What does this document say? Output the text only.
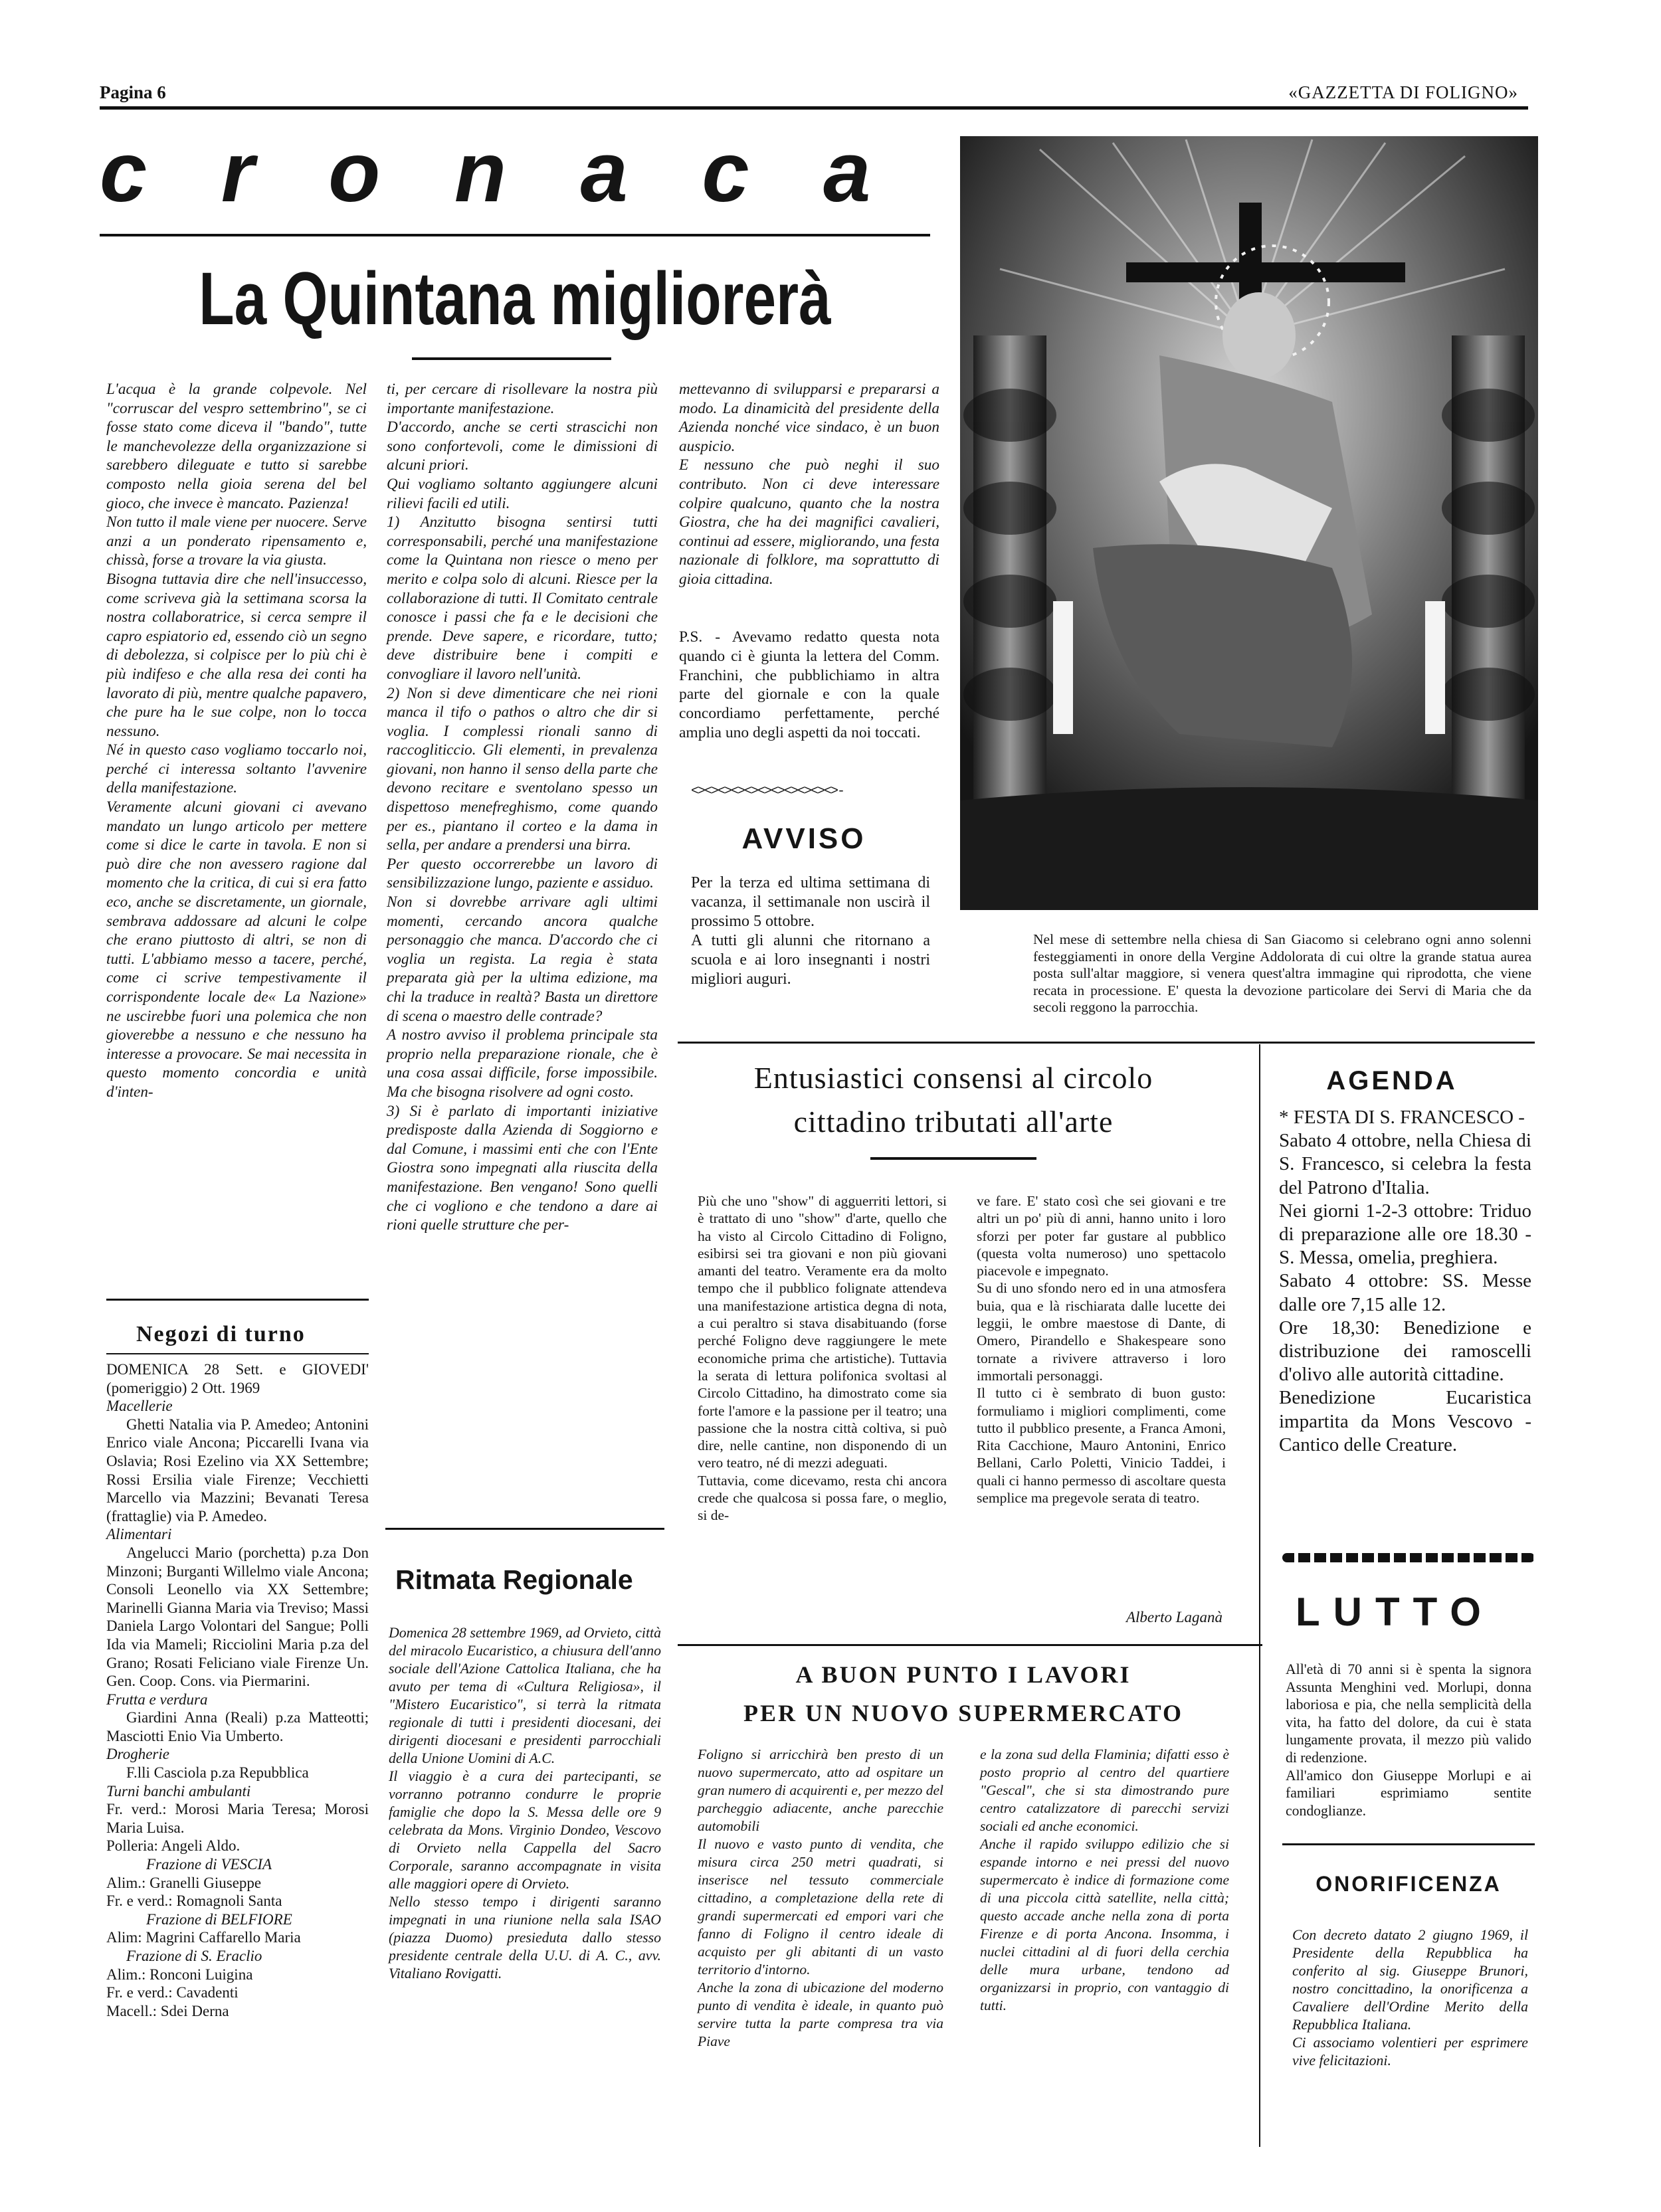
Pagina 6	«GAZZETTA DI FOLIGNO»
c r o n a c a
La Quintana migliorerà
L'acqua è la grande colpevole. Nel "corruscar del vespro settembrino", se ci fosse stato come diceva il "bando", tutte le manchevolezze della organizzazione si sarebbero dileguate e tutto si sarebbe composto nella gioia serena del bel gioco, che invece è mancato. Pazienza!
Non tutto il male viene per nuocere. Serve anzi a un ponderato ripensamento e, chissà, forse a trovare la via giusta.
Bisogna tuttavia dire che nell'insuccesso, come scriveva già la settimana scorsa la nostra collaboratrice, si cerca sempre il capro espiatorio ed, essendo ciò un segno di debolezza, si colpisce per lo più chi è più indifeso e che alla resa dei conti ha lavorato di più, mentre qualche papavero, che pure ha le sue colpe, non lo tocca nessuno.
Né in questo caso vogliamo toccarlo noi, perché ci interessa soltanto l'avvenire della manifestazione.
Veramente alcuni giovani ci avevano mandato un lungo articolo per mettere come si dice le carte in tavola. E non si può dire che non avessero ragione dal momento che la critica, di cui si era fatto eco, anche se discretamente, un giornale, sembrava addossare ad alcuni le colpe che erano piuttosto di altri, se non di tutti. L'abbiamo messo a tacere, perché, come ci scrive tempestivamente il corrispondente locale de« La Nazione» ne uscirebbe fuori una polemica che non gioverebbe a nessuno e che nessuno ha interesse a provocare. Se mai necessita in questo momento concordia e unità d'inten-
ti, per cercare di risollevare la nostra più importante manifestazione.
D'accordo, anche se certi strascichi non sono confortevoli, come le dimissioni di alcuni priori.
Qui vogliamo soltanto aggiungere alcuni rilievi facili ed utili.
1) Anzitutto bisogna sentirsi tutti corresponsabili, perché una manifestazione come la Quintana non riesce o meno per merito e colpa solo di alcuni. Riesce per la collaborazione di tutti. Il Comitato centrale conosce i passi che fa e le decisioni che prende. Deve sapere, e ricordare, tutto; deve distribuire bene i compiti e convogliare il lavoro nell'unità.
2) Non si deve dimenticare che nei rioni manca il tifo o pathos o altro che dir si voglia. I complessi rionali sanno di raccogliticcio. Gli elementi, in prevalenza giovani, non hanno il senso della parte che devono recitare e sventolano spesso un dispettoso menefreghismo, come quando per es., piantano il corteo e la dama in sella, per andare a prendersi una birra.
Per questo occorrerebbe un lavoro di sensibilizzazione lungo, paziente e assiduo.
Non si dovrebbe arrivare agli ultimi momenti, cercando ancora qualche personaggio che manca. D'accordo che ci voglia un regista. La regia è stata preparata già per la ultima edizione, ma chi la traduce in realtà? Basta un direttore di scena o maestro delle contrade?
A nostro avviso il problema principale sta proprio nella preparazione rionale, che è una cosa assai difficile, forse impossibile. Ma che bisogna risolvere ad ogni costo.
3) Si è parlato di importanti iniziative predisposte dalla Azienda di Soggiorno e dal Comune, i massimi enti che con l'Ente Giostra sono impegnati alla riuscita della manifestazione. Ben vengano! Sono quelli che ci vogliono e che tendono a dare ai rioni quelle strutture che per-
mettevanno di svilupparsi e prepararsi a modo. La dinamicità del presidente della Azienda nonché vice sindaco, è un buon auspicio.
E nessuno che può neghi il suo contributo. Non ci deve interessare colpire qualcuno, quanto che la nostra Giostra, che ha dei magnifici cavalieri, continui ad essere, migliorando, una festa nazionale di folklore, ma soprattutto di gioia cittadina.
P.S. - Avevamo redatto questa nota quando ci è giunta la lettera del Comm. Franchini, che pubblichiamo in altra parte del giornale e con la quale concordiamo perfettamente, perché amplia uno degli aspetti da noi toccati.
<><><><><><><><><><><>-
AVVISO
Per la terza ed ultima settimana di vacanza, il settimanale non uscirà il prossimo 5 ottobre.
A tutti gli alunni che ritornano a scuola e ai loro insegnanti i nostri migliori auguri.
Nel mese di settembre nella chiesa di San Giacomo si celebrano ogni anno solenni festeggiamenti in onore della Vergine Addolorata di cui oltre la grande statua aurea posta sull'altar maggiore, si venera quest'altra immagine qui riprodotta, che viene recata in processione. E' questa la devozione particolare dei Servi di Maria che da secoli reggono la parrocchia.
Negozi di turno
DOMENICA 28 Sett. e GIOVEDI' (pomeriggio) 2 Ott. 1969
Macellerie
Ghetti Natalia via P. Amedeo; Antonini Enrico viale Ancona; Piccarelli Ivana via Oslavia; Rosi Ezelino via XX Settembre; Rossi Ersilia viale Firenze; Vecchietti Marcello via Mazzini; Bevanati Teresa (frattaglie) via P. Amedeo.
Alimentari
Angelucci Mario (porchetta) p.za Don Minzoni; Burganti Willelmo viale Ancona; Consoli Leonello via XX Settembre; Marinelli Gianna Maria via Treviso; Massi Daniela Largo Volontari del Sangue; Polli Ida via Mameli; Ricciolini Maria p.za del Grano; Rosati Feliciano viale Firenze Un. Gen. Coop. Cons. via Piermarini.
Frutta e verdura
Giardini Anna (Reali) p.za Matteotti; Masciotti Enio Via Umberto.
Drogherie
F.lli Casciola p.za Repubblica
Turni banchi ambulanti
Fr. verd.: Morosi Maria Teresa; Morosi Maria Luisa.
Polleria: Angeli Aldo.
Frazione di VESCIA
Alim.: Granelli Giuseppe
Fr. e verd.: Romagnoli Santa
Frazione di BELFIORE
Alim: Magrini Caffarello Maria
Frazione di S. Eraclio
Alim.: Ronconi Luigina
Fr. e verd.: Cavadenti
Macell.: Sdei Derna
Ritmata Regionale
Domenica 28 settembre 1969, ad Orvieto, città del miracolo Eucaristico, a chiusura dell'anno sociale dell'Azione Cattolica Italiana, che ha avuto per tema di «Cultura Religiosa», il "Mistero Eucaristico", si terrà la ritmata regionale di tutti i presidenti diocesani, dei dirigenti diocesani e presidenti parrocchiali della Unione Uomini di A.C.
Il viaggio è a cura dei partecipanti, se vorranno potranno condurre le proprie famiglie che dopo la S. Messa delle ore 9 celebrata da Mons. Virginio Dondeo, Vescovo di Orvieto nella Cappella del Sacro Corporale, saranno accompagnate in visita alle maggiori opere di Orvieto.
Nello stesso tempo i dirigenti saranno impegnati in una riunione nella sala ISAO (piazza Duomo) presieduta dallo stesso presidente centrale della U.U. di A. C., avv. Vitaliano Rovigatti.
Entusiastici consensi al circolo cittadino tributati all'arte
Più che uno "show" di agguerriti lettori, si è trattato di uno "show" d'arte, quello che ha visto al Circolo Cittadino di Foligno, esibirsi sei tra giovani e non più giovani amanti del teatro. Veramente era da molto tempo che il pubblico folignate attendeva una manifestazione artistica degna di nota, a cui peraltro si stava disabituando (forse perché Foligno deve raggiungere le mete economiche prima che artistiche). Tuttavia la serata di lettura polifonica svoltasi al Circolo Cittadino, ha dimostrato come sia forte l'amore e la passione per il teatro; una passione che la nostra città coltiva, si può dire, nelle cantine, non disponendo di un vero teatro, né di mezzi adeguati.
Tuttavia, come dicevamo, resta chi ancora crede che qualcosa si possa fare, o meglio, si de-
ve fare. E' stato così che sei giovani e tre altri un po' più di anni, hanno unito i loro sforzi per poter far gustare al pubblico (questa volta numeroso) uno spettacolo piacevole e impegnato.
Su di uno sfondo nero ed in una atmosfera buia, qua e là rischiarata dalle lucette dei leggii, le ombre maestose di Dante, di Omero, Pirandello e Shakespeare sono tornate a rivivere attraverso i loro immortali personaggi.
Il tutto ci è sembrato di buon gusto: formuliamo i migliori complimenti, come tutto il pubblico presente, a Franca Amoni, Rita Cacchione, Mauro Antonini, Enrico Bellani, Carlo Poletti, Vinicio Taddei, i quali ci hanno permesso di ascoltare questa semplice ma pregevole serata di teatro.
Alberto Laganà
A BUON PUNTO I LAVORI
PER UN NUOVO SUPERMERCATO
Foligno si arricchirà ben presto di un nuovo supermercato, atto ad ospitare un gran numero di acquirenti e, per mezzo del parcheggio adiacente, anche parecchie automobili
Il nuovo e vasto punto di vendita, che misura circa 250 metri quadrati, si inserisce nel tessuto commerciale cittadino, a completazione della rete di grandi supermercati ed empori vari che fanno di Foligno il centro ideale di acquisto per gli abitanti di un vasto territorio d'intorno.
Anche la zona di ubicazione del moderno punto di vendita è ideale, in quanto può servire tutta la parte compresa tra via Piave
e la zona sud della Flaminia; difatti esso è posto proprio al centro del quartiere "Gescal", che si sta dimostrando pure centro catalizzatore di parecchi servizi sociali ed anche economici.
Anche il rapido sviluppo edilizio che si espande intorno e nei pressi del nuovo supermercato è indice di formazione come di una piccola città satellite, nella città; questo accade anche nella zona di porta Firenze e di porta Ancona. Insomma, i nuclei cittadini al di fuori della cerchia delle mura urbane, tendono ad organizzarsi in proprio, con vantaggio di tutti.
AGENDA
* FESTA DI S. FRANCESCO -
Sabato 4 ottobre, nella Chiesa di S. Francesco, si celebra la festa del Patrono d'Italia.
Nei giorni 1-2-3 ottobre: Triduo di preparazione alle ore 18.30 - S. Messa, omelia, preghiera.
Sabato 4 ottobre: SS. Messe dalle ore 7,15 alle 12.
Ore 18,30: Benedizione e distribuzione dei ramoscelli d'olivo alle autorità cittadine.
Benedizione Eucaristica impartita da Mons Vescovo - Cantico delle Creature.
LUTTO
All'età di 70 anni si è spenta la signora Assunta Menghini ved. Morlupi, donna laboriosa e pia, che nella semplicità della vita, ha fatto del dolore, da cui è stata lungamente provata, il mezzo più valido di redenzione.
All'amico don Giuseppe Morlupi e ai familiari esprimiamo sentite condoglianze.
ONORIFICENZA
Con decreto datato 2 giugno 1969, il Presidente della Repubblica ha conferito al sig. Giuseppe Brunori, nostro concittadino, la onorificenza a Cavaliere dell'Ordine Merito della Repubblica Italiana.
Ci associamo volentieri per esprimere vive felicitazioni.
